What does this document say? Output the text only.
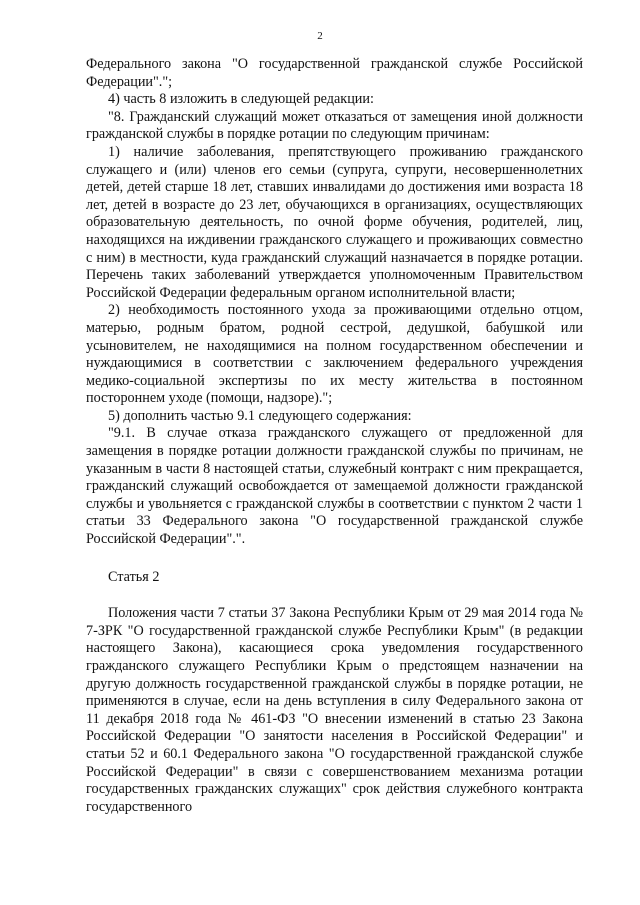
2

Федерального закона "О государственной гражданской службе Российской Федерации".";

4) часть 8 изложить в следующей редакции:

"8. Гражданский служащий может отказаться от замещения иной должности гражданской службы в порядке ротации по следующим причинам:

1) наличие заболевания, препятствующего проживанию гражданского служащего и (или) членов его семьи (супруга, супруги, несовершеннолетних детей, детей старше 18 лет, ставших инвалидами до достижения ими возраста 18 лет, детей в возрасте до 23 лет, обучающихся в организациях, осуществляющих образовательную деятельность, по очной форме обучения, родителей, лиц, находящихся на иждивении гражданского служащего и проживающих совместно с ним) в местности, куда гражданский служащий назначается в порядке ротации. Перечень таких заболеваний утверждается уполномоченным Правительством Российской Федерации федеральным органом исполнительной власти;

2) необходимость постоянного ухода за проживающими отдельно отцом, матерью, родным братом, родной сестрой, дедушкой, бабушкой или усыновителем, не находящимися на полном государственном обеспечении и нуждающимися в соответствии с заключением федерального учреждения медико-социальной экспертизы по их месту жительства в постоянном постороннем уходе (помощи, надзоре).";

5) дополнить частью 9.1 следующего содержания:

"9.1. В случае отказа гражданского служащего от предложенной для замещения в порядке ротации должности гражданской службы по причинам, не указанным в части 8 настоящей статьи, служебный контракт с ним прекращается, гражданский служащий освобождается от замещаемой должности гражданской службы и увольняется с гражданской службы в соответствии с пунктом 2 части 1 статьи 33 Федерального закона "О государственной гражданской службе Российской Федерации".".

Статья 2

Положения части 7 статьи 37 Закона Республики Крым от 29 мая 2014 года № 7-ЗРК "О государственной гражданской службе Республики Крым" (в редакции настоящего Закона), касающиеся срока уведомления государственного гражданского служащего Республики Крым о предстоящем назначении на другую должность государственной гражданской службы в порядке ротации, не применяются в случае, если на день вступления в силу Федерального закона от 11 декабря 2018 года № 461-ФЗ "О внесении изменений в статью 23 Закона Российской Федерации "О занятости населения в Российской Федерации" и статьи 52 и 60.1 Федерального закона "О государственной гражданской службе Российской Федерации" в связи с совершенствованием механизма ротации государственных гражданских служащих" срок действия служебного контракта государственного
